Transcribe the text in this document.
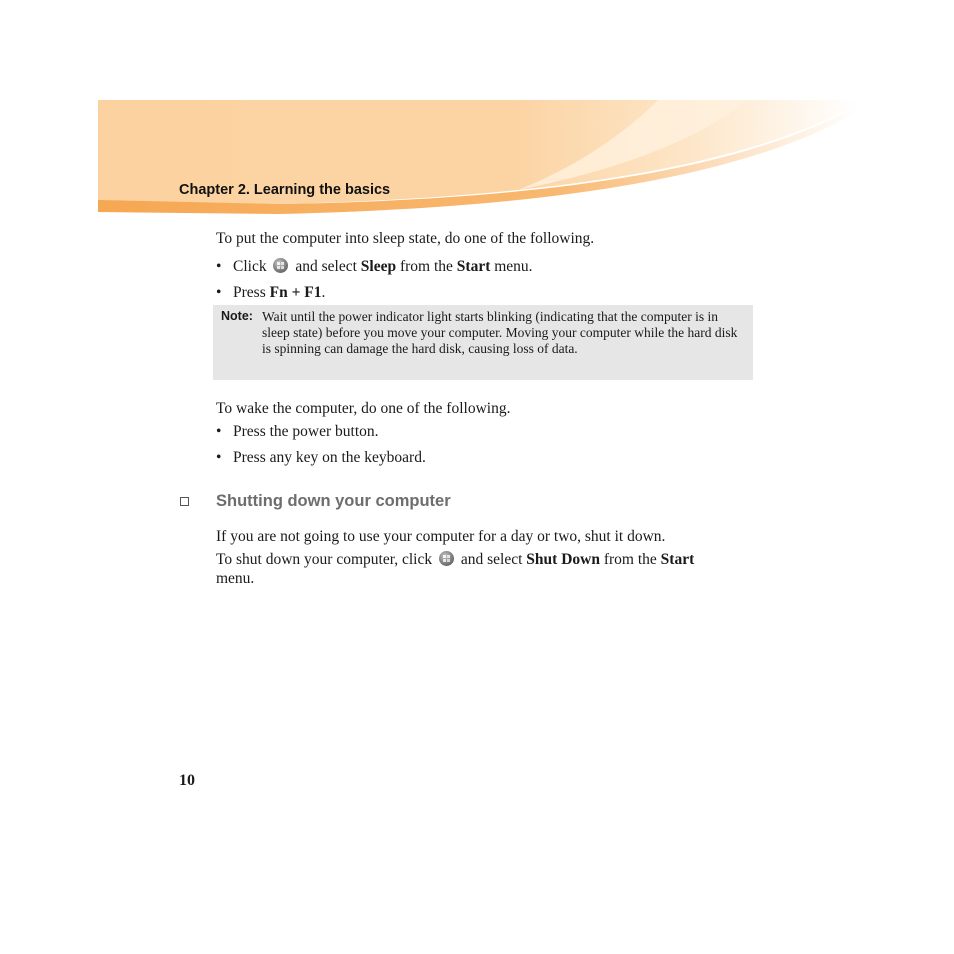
Chapter 2. Learning the basics

To put the computer into sleep state, do one of the following.

• Click and select Sleep from the Start menu.

• Press Fn + F1.

Note: Wait until the power indicator light starts blinking (indicating that the computer is in sleep state) before you move your computer. Moving your computer while the hard disk is spinning can damage the hard disk, causing loss of data.

To wake the computer, do one of the following.

• Press the power button.

• Press any key on the keyboard.

Shutting down your computer

If you are not going to use your computer for a day or two, shut it down.

To shut down your computer, click and select Shut Down from the Start
menu.

10
